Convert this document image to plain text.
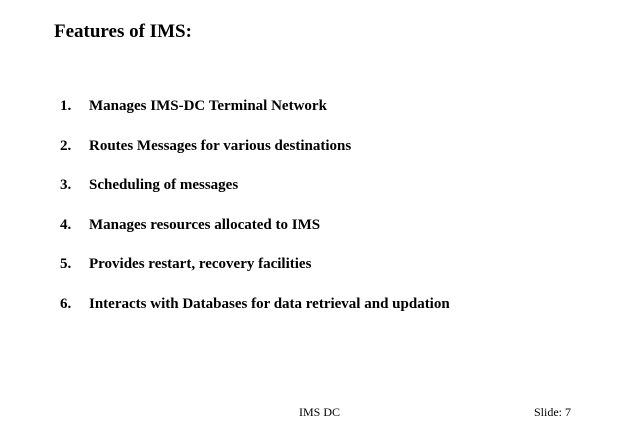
Features of IMS:
1. Manages IMS-DC Terminal Network
2. Routes Messages for various destinations
3. Scheduling of messages
4. Manages resources allocated to IMS
5. Provides restart, recovery facilities
6. Interacts with Databases for data retrieval and updation
IMS DC	Slide: 7
